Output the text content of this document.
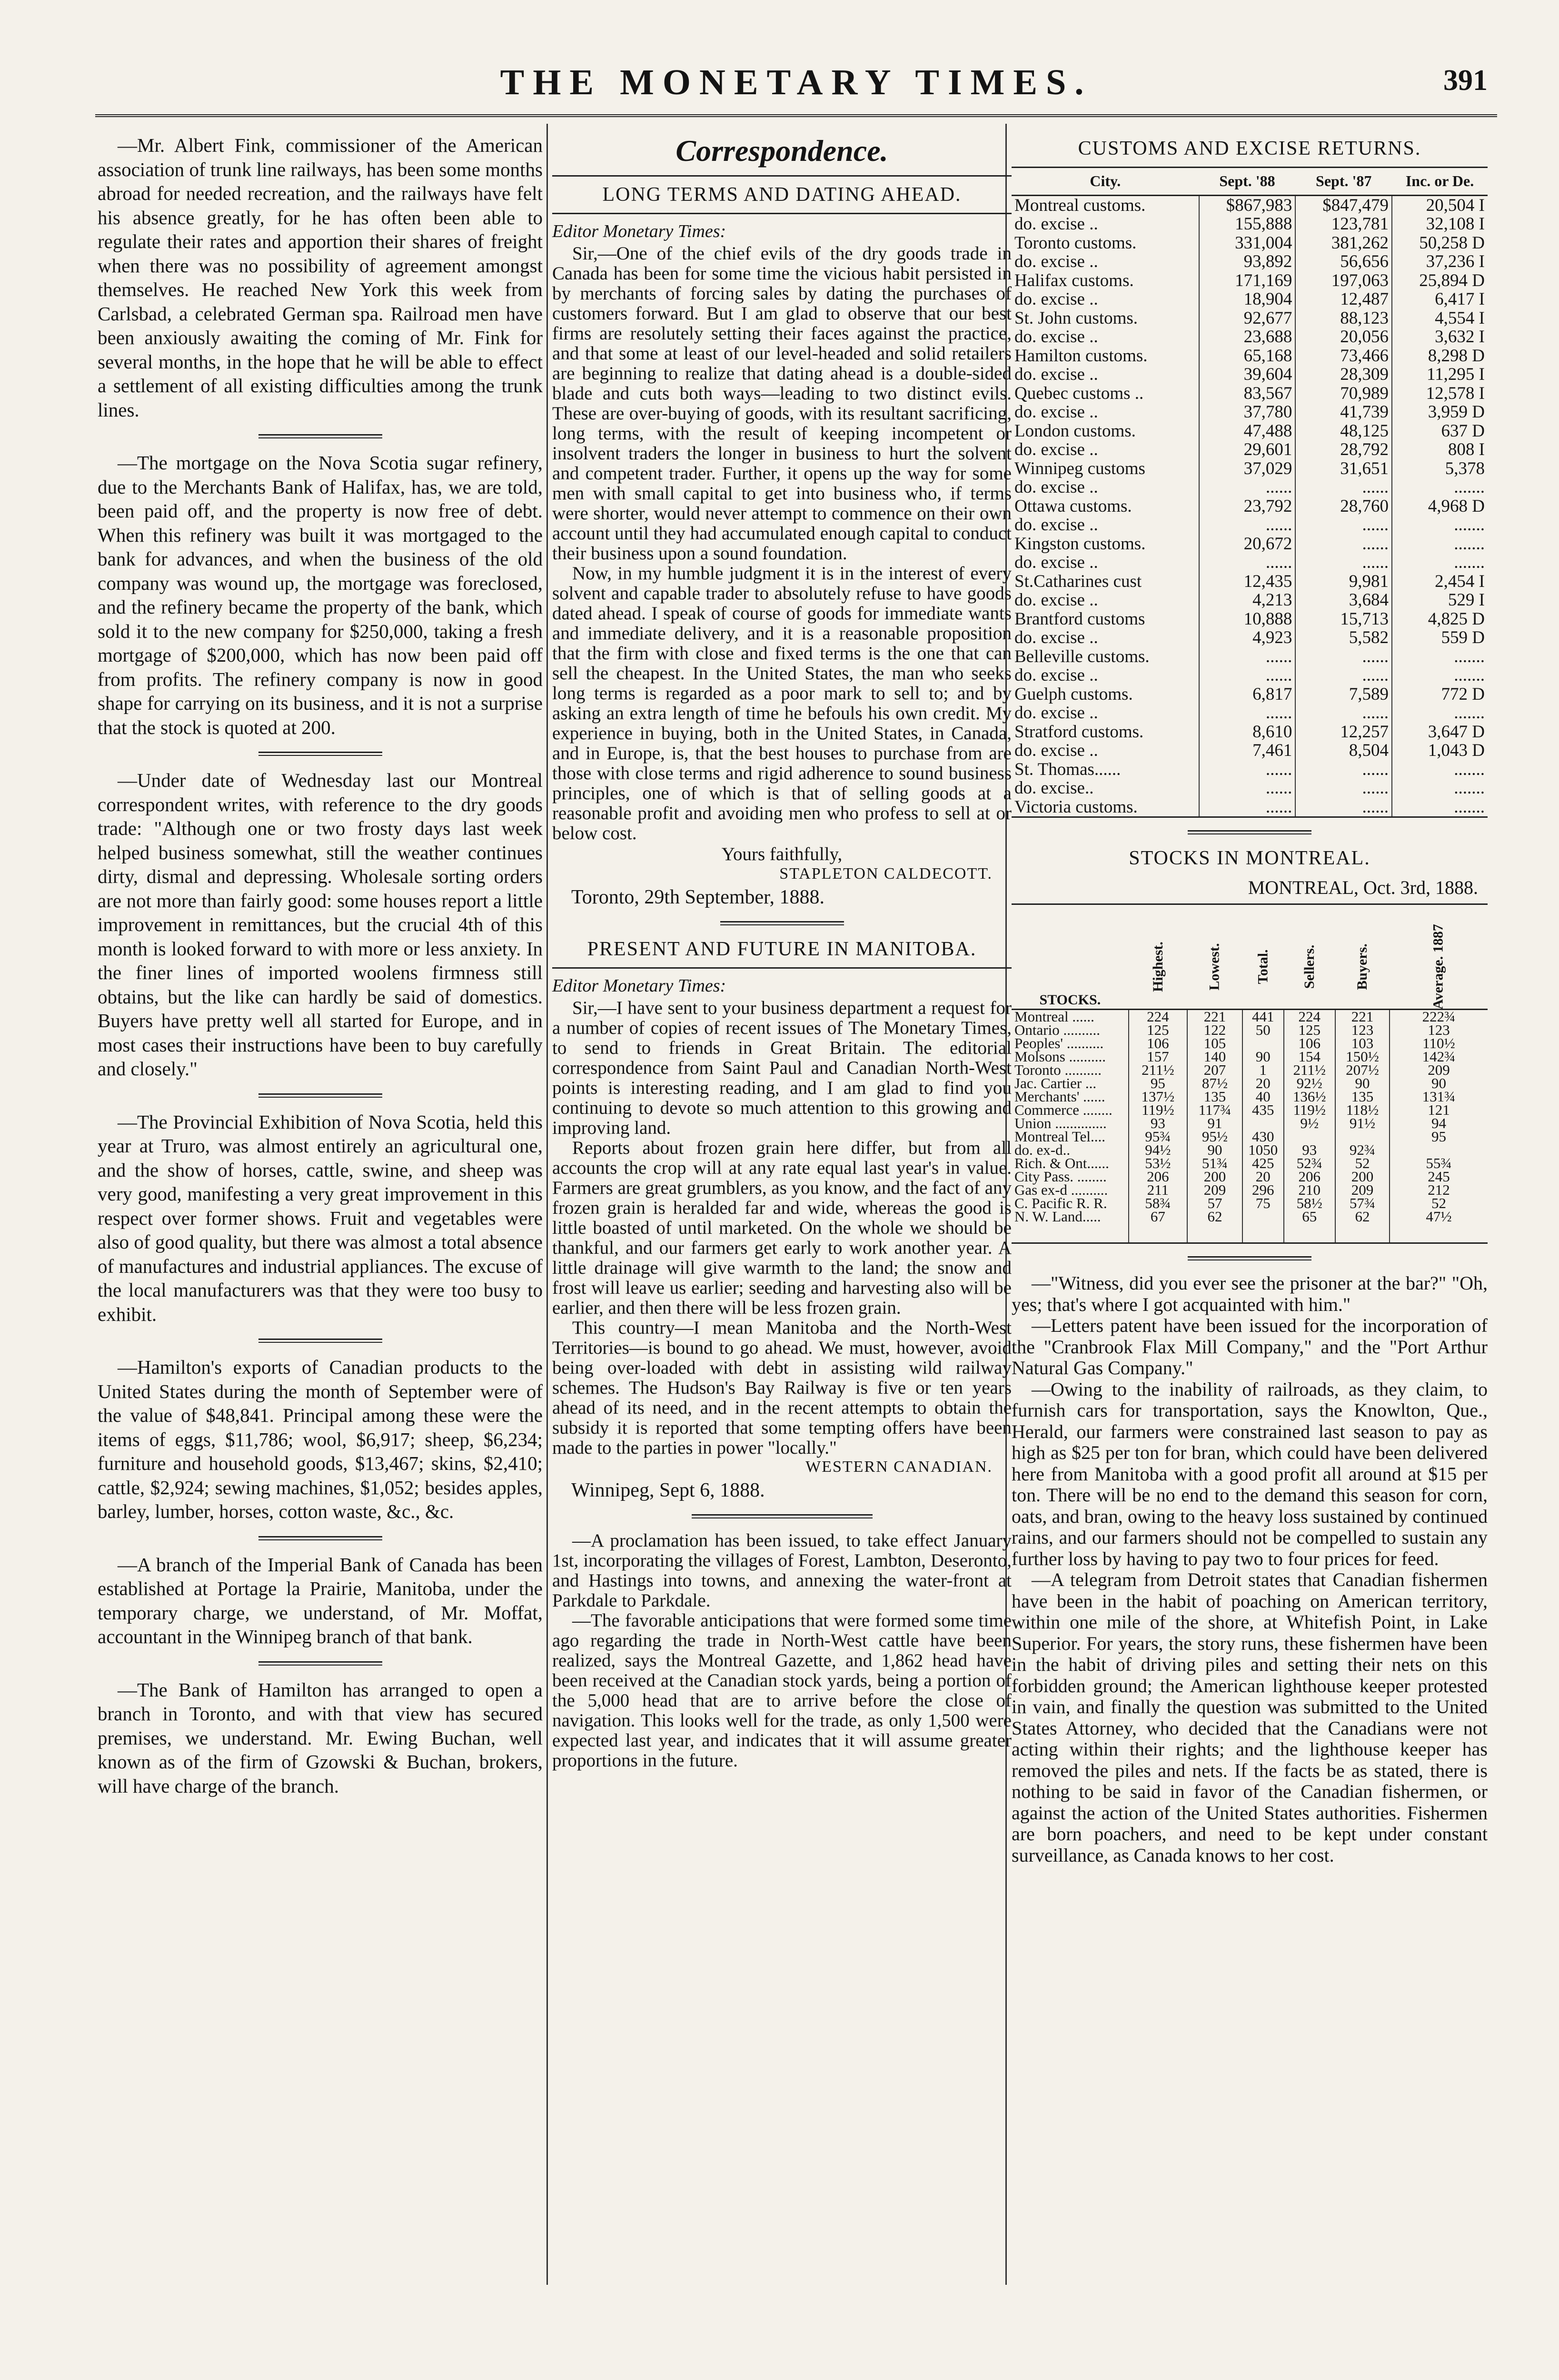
THE MONETARY TIMES.	391

—Mr. Albert Fink, commissioner of the American association of trunk line railways, has been some months abroad for needed recreation, and the railways have felt his absence greatly, for he has often been able to regulate their rates and apportion their shares of freight when there was no possibility of agreement amongst themselves. He reached New York this week from Carlsbad, a celebrated German spa. Railroad men have been anxiously awaiting the coming of Mr. Fink for several months, in the hope that he will be able to effect a settlement of all existing difficulties among the trunk lines.

—The mortgage on the Nova Scotia sugar refinery, due to the Merchants Bank of Halifax, has, we are told, been paid off, and the property is now free of debt. When this refinery was built it was mortgaged to the bank for advances, and when the business of the old company was wound up, the mortgage was foreclosed, and the refinery became the property of the bank, which sold it to the new company for $250,000, taking a fresh mortgage of $200,000, which has now been paid off from profits. The refinery company is now in good shape for carrying on its business, and it is not a surprise that the stock is quoted at 200.

—Under date of Wednesday last our Montreal correspondent writes, with reference to the dry goods trade: "Although one or two frosty days last week helped business somewhat, still the weather continues dirty, dismal and depressing. Wholesale sorting orders are not more than fairly good: some houses report a little improvement in remittances, but the crucial 4th of this month is looked forward to with more or less anxiety. In the finer lines of imported woolens firmness still obtains, but the like can hardly be said of domestics. Buyers have pretty well all started for Europe, and in most cases their instructions have been to buy carefully and closely."

—The Provincial Exhibition of Nova Scotia, held this year at Truro, was almost entirely an agricultural one, and the show of horses, cattle, swine, and sheep was very good, manifesting a very great improvement in this respect over former shows. Fruit and vegetables were also of good quality, but there was almost a total absence of manufactures and industrial appliances. The excuse of the local manufacturers was that they were too busy to exhibit.

—Hamilton's exports of Canadian products to the United States during the month of September were of the value of $48,841. Principal among these were the items of eggs, $11,786; wool, $6,917; sheep, $6,234; furniture and household goods, $13,467; skins, $2,410; cattle, $2,924; sewing machines, $1,052; besides apples, barley, lumber, horses, cotton waste, &c., &c.

—A branch of the Imperial Bank of Canada has been established at Portage la Prairie, Manitoba, under the temporary charge, we understand, of Mr. Moffat, accountant in the Winnipeg branch of that bank.

—The Bank of Hamilton has arranged to open a branch in Toronto, and with that view has secured premises, we understand. Mr. Ewing Buchan, well known as of the firm of Gzowski & Buchan, brokers, will have charge of the branch.

Correspondence.
LONG TERMS AND DATING AHEAD.
Editor Monetary Times:

Sir,—One of the chief evils of the dry goods trade in Canada has been for some time the vicious habit persisted in by merchants of forcing sales by dating the purchases of customers forward. But I am glad to observe that our best firms are resolutely setting their faces against the practice, and that some at least of our level-headed and solid retailers are beginning to realize that dating ahead is a double-sided blade and cuts both ways—leading to two distinct evils. These are over-buying of goods, with its resultant sacrificing, long terms, with the result of keeping incompetent or insolvent traders the longer in business to hurt the solvent and competent trader. Further, it opens up the way for some men with small capital to get into business who, if terms were shorter, would never attempt to commence on their own account until they had accumulated enough capital to conduct their business upon a sound foundation.

Now, in my humble judgment it is in the interest of every solvent and capable trader to absolutely refuse to have goods dated ahead. I speak of course of goods for immediate wants and immediate delivery, and it is a reasonable proposition that the firm with close and fixed terms is the one that can sell the cheapest. In the United States, the man who seeks long terms is regarded as a poor mark to sell to; and by asking an extra length of time he befouls his own credit. My experience in buying, both in the United States, in Canada, and in Europe, is, that the best houses to purchase from are those with close terms and rigid adherence to sound business principles, one of which is that of selling goods at a reasonable profit and avoiding men who profess to sell at or below cost.

Yours faithfully,

STAPLETON CALDECOTT.

Toronto, 29th September, 1888.

PRESENT AND FUTURE IN MANITOBA.
Editor Monetary Times:

Sir,—I have sent to your business department a request for a number of copies of recent issues of The Monetary Times, to send to friends in Great Britain. The editorial correspondence from Saint Paul and Canadian North-West points is interesting reading, and I am glad to find you continuing to devote so much attention to this growing and improving land.

Reports about frozen grain here differ, but from all accounts the crop will at any rate equal last year's in value. Farmers are great grumblers, as you know, and the fact of any frozen grain is heralded far and wide, whereas the good is little boasted of until marketed. On the whole we should be thankful, and our farmers get early to work another year. A little drainage will give warmth to the land; the snow and frost will leave us earlier; seeding and harvesting also will be earlier, and then there will be less frozen grain.

This country—I mean Manitoba and the North-West Territories—is bound to go ahead. We must, however, avoid being over-loaded with debt in assisting wild railway schemes. The Hudson's Bay Railway is five or ten years ahead of its need, and in the recent attempts to obtain the subsidy it is reported that some tempting offers have been made to the parties in power "locally."

WESTERN CANADIAN.

Winnipeg, Sept 6, 1888.

—A proclamation has been issued, to take effect January 1st, incorporating the villages of Forest, Lambton, Deseronto, and Hastings into towns, and annexing the water-front at Parkdale to Parkdale.

—The favorable anticipations that were formed some time ago regarding the trade in North-West cattle have been realized, says the Montreal Gazette, and 1,862 head have been received at the Canadian stock yards, being a portion of the 5,000 head that are to arrive before the close of navigation. This looks well for the trade, as only 1,500 were expected last year, and indicates that it will assume greater proportions in the future.

CUSTOMS AND EXCISE RETURNS.
City.	Sept. '88	Sept. '87	Inc. or De.
Montreal customs.	$867,983	$847,479	20,504 I
do. excise ..	155,888	123,781	32,108 I
Toronto customs.	331,004	381,262	50,258 D
do. excise ..	93,892	56,656	37,236 I
Halifax customs.	171,169	197,063	25,894 D
do. excise ..	18,904	12,487	6,417 I
St. John customs.	92,677	88,123	4,554 I
do. excise ..	23,688	20,056	3,632 I
Hamilton customs.	65,168	73,466	8,298 D
do. excise ..	39,604	28,309	11,295 I
Quebec customs ..	83,567	70,989	12,578 I
do. excise ..	37,780	41,739	3,959 D
London customs.	47,488	48,125	637 D
do. excise ..	29,601	28,792	808 I
Winnipeg customs	37,029	31,651	5,378
do. excise ..	......	......	.......
Ottawa customs.	23,792	28,760	4,968 D
do. excise ..	......	......	.......
Kingston customs.	20,672	......	.......
do. excise ..	......	......	.......
St.Catharines cust	12,435	9,981	2,454 I
do. excise ..	4,213	3,684	529 I
Brantford customs	10,888	15,713	4,825 D
do. excise ..	4,923	5,582	559 D
Belleville customs.	......	......	.......
do. excise ..	......	......	.......
Guelph customs.	6,817	7,589	772 D
do. excise ..	......	......	.......
Stratford customs.	8,610	12,257	3,647 D
do. excise ..	7,461	8,504	1,043 D
St. Thomas......	......	......	.......
do. excise..	......	......	.......
Victoria customs.	......	......	.......
STOCKS IN MONTREAL.
MONTREAL, Oct. 3rd, 1888.
STOCKS.	Highest.	Lowest.	Total.	Sellers.	Buyers.	Average. 1887
Montreal ......	224	221	441	224	221	222¾
Ontario ..........	125	122	50	125	123	123
Peoples' ..........	106	105		106	103	110½
Molsons ..........	157	140	90	154	150½	142¾
Toronto ..........	211½	207	1	211½	207½	209
Jac. Cartier ...	95	87½	20	92½	90	90
Merchants' ......	137½	135	40	136½	135	131¾
Commerce ........	119½	117¾	435	119½	118½	121
Union ..............	93	91		9½	91½	94
Montreal Tel....	95¾	95½	430			95
do. ex-d..	94½	90	1050	93	92¾	
Rich. & Ont......	53½	51¾	425	52¾	52	55¾
City Pass. ........	206	200	20	206	200	245
Gas ex-d ..........	211	209	296	210	209	212
C. Pacific R. R.	58¾	57	75	58½	57¾	52
N. W. Land.....	67	62		65	62	47½

—"Witness, did you ever see the prisoner at the bar?" "Oh, yes; that's where I got acquainted with him."

—Letters patent have been issued for the incorporation of the "Cranbrook Flax Mill Company," and the "Port Arthur Natural Gas Company."

—Owing to the inability of railroads, as they claim, to furnish cars for transportation, says the Knowlton, Que., Herald, our farmers were constrained last season to pay as high as $25 per ton for bran, which could have been delivered here from Manitoba with a good profit all around at $15 per ton. There will be no end to the demand this season for corn, oats, and bran, owing to the heavy loss sustained by continued rains, and our farmers should not be compelled to sustain any further loss by having to pay two to four prices for feed.

—A telegram from Detroit states that Canadian fishermen have been in the habit of poaching on American territory, within one mile of the shore, at Whitefish Point, in Lake Superior. For years, the story runs, these fishermen have been in the habit of driving piles and setting their nets on this forbidden ground; the American lighthouse keeper protested in vain, and finally the question was submitted to the United States Attorney, who decided that the Canadians were not acting within their rights; and the lighthouse keeper has removed the piles and nets. If the facts be as stated, there is nothing to be said in favor of the Canadian fishermen, or against the action of the United States authorities. Fishermen are born poachers, and need to be kept under constant surveillance, as Canada knows to her cost.
